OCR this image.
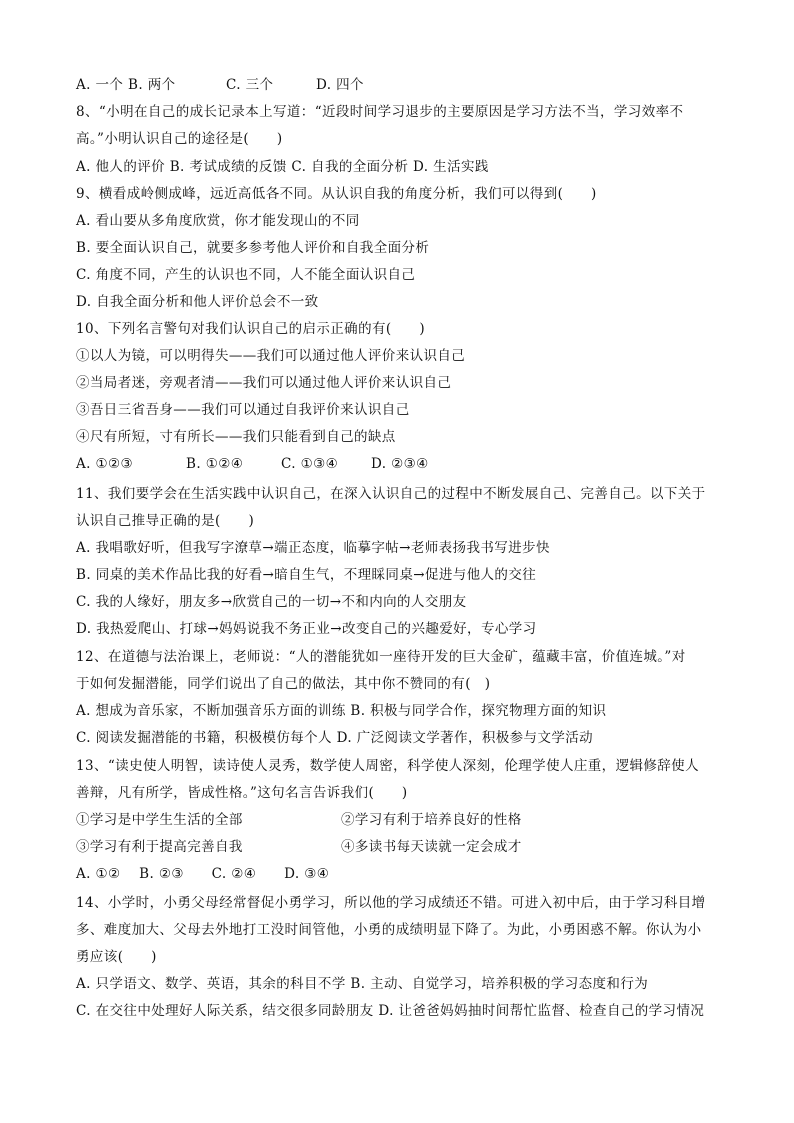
A. 一个 B. 两个	C. 三个	D. 四个
8、“小明在自己的成长记录本上写道：“近段时间学习退步的主要原因是学习方法不当，学习效率不
高。”小明认识自己的途径是(　　)
A. 他人的评价 B. 考试成绩的反馈 C. 自我的全面分析 D. 生活实践
9、横看成岭侧成峰，远近高低各不同。从认识自我的角度分析，我们可以得到(　　)
A. 看山要从多角度欣赏，你才能发现山的不同
B. 要全面认识自己，就要多参考他人评价和自我全面分析
C. 角度不同，产生的认识也不同，人不能全面认识自己
D. 自我全面分析和他人评价总会不一致
10、下列名言警句对我们认识自己的启示正确的有(　　)
①以人为镜，可以明得失——我们可以通过他人评价来认识自己
②当局者迷，旁观者清——我们可以通过他人评价来认识自己
③吾日三省吾身——我们可以通过自我评价来认识自己
④尺有所短，寸有所长——我们只能看到自己的缺点
A. ①②③	B. ①②④	C. ①③④ D. ②③④
11、我们要学会在生活实践中认识自己，在深入认识自己的过程中不断发展自己、完善自己。以下关于
认识自己推导正确的是(　　)
A. 我唱歌好听，但我写字潦草→端正态度，临摹字帖→老师表扬我书写进步快
B. 同桌的美术作品比我的好看→暗自生气，不理睬同桌→促进与他人的交往
C. 我的人缘好，朋友多→欣赏自己的一切→不和内向的人交朋友
D. 我热爱爬山、打球→妈妈说我不务正业→改变自己的兴趣爱好，专心学习
12、在道德与法治课上，老师说：“人的潜能犹如一座待开发的巨大金矿，蕴藏丰富，价值连城。”对
于如何发掘潜能，同学们说出了自己的做法，其中你不赞同的有(　)
A. 想成为音乐家，不断加强音乐方面的训练 B. 积极与同学合作，探究物理方面的知识
C. 阅读发掘潜能的书籍，积极模仿每个人 D. 广泛阅读文学著作，积极参与文学活动
13、“读史使人明智，读诗使人灵秀，数学使人周密，科学使人深刻，伦理学使人庄重，逻辑修辞使人
善辩，凡有所学，皆成性格。”这句名言告诉我们(　　)
①学习是中学生生活的全部	②学习有利于培养良好的性格
③学习有利于提高完善自我	④多读书每天读就一定会成才
A. ①②　 B. ②③　　C. ②④　　D. ③④
14、小学时，小勇父母经常督促小勇学习，所以他的学习成绩还不错。可进入初中后，由于学习科目增
多、难度加大、父母去外地打工没时间管他，小勇的成绩明显下降了。为此，小勇困惑不解。你认为小
勇应该(　　)
A. 只学语文、数学、英语，其余的科目不学 B. 主动、自觉学习，培养积极的学习态度和行为
C. 在交往中处理好人际关系，结交很多同龄朋友 D. 让爸爸妈妈抽时间帮忙监督、检查自己的学习情况
